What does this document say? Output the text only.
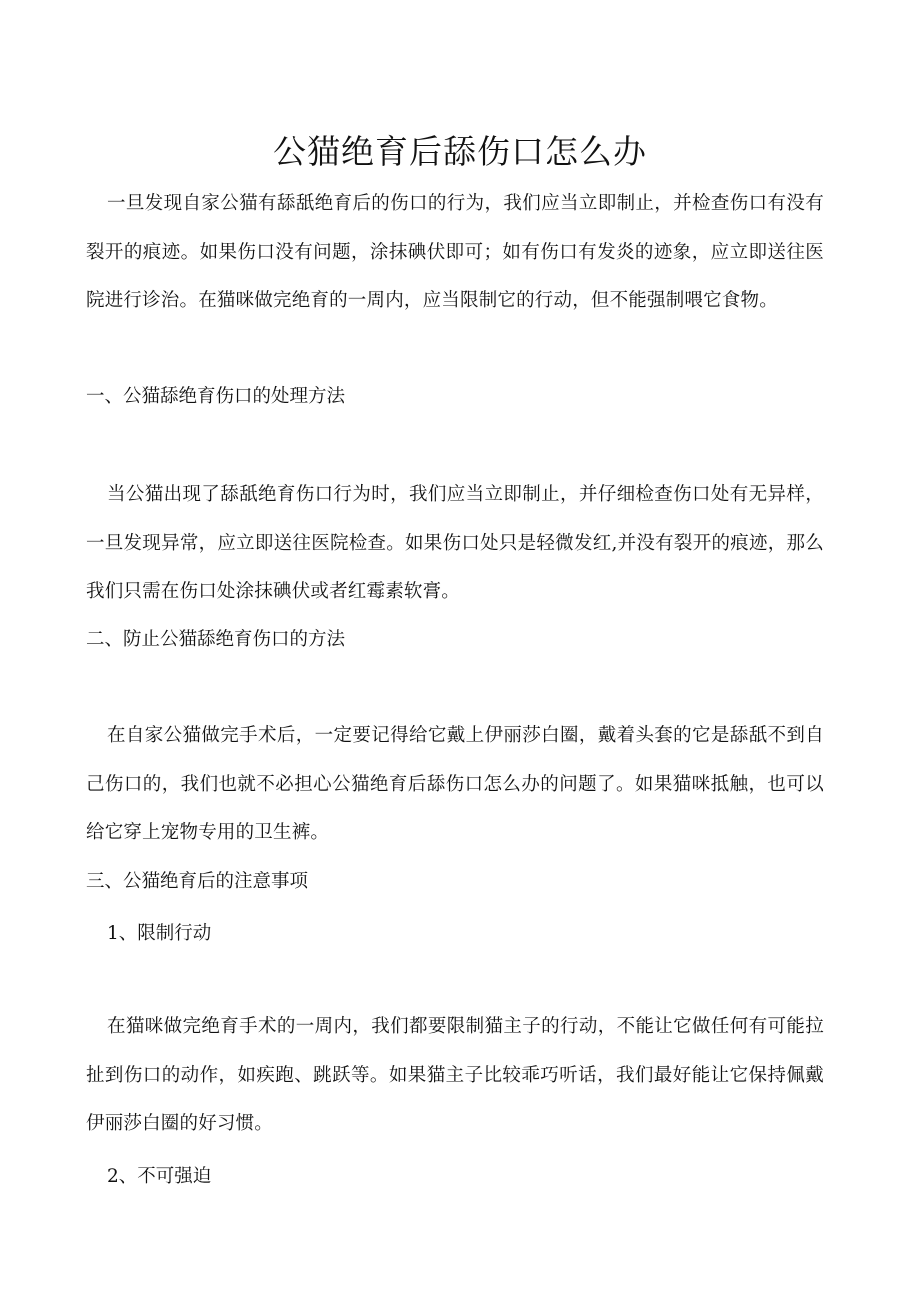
公猫绝育后舔伤口怎么办
一旦发现自家公猫有舔舐绝育后的伤口的行为，我们应当立即制止，并检查伤口有没有裂开的痕迹。如果伤口没有问题，涂抹碘伏即可；如有伤口有发炎的迹象，应立即送往医院进行诊治。在猫咪做完绝育的一周内，应当限制它的行动，但不能强制喂它食物。
一、公猫舔绝育伤口的处理方法
当公猫出现了舔舐绝育伤口行为时，我们应当立即制止，并仔细检查伤口处有无异样，一旦发现异常，应立即送往医院检查。如果伤口处只是轻微发红,并没有裂开的痕迹，那么我们只需在伤口处涂抹碘伏或者红霉素软膏。
二、防止公猫舔绝育伤口的方法
在自家公猫做完手术后，一定要记得给它戴上伊丽莎白圈，戴着头套的它是舔舐不到自己伤口的，我们也就不必担心公猫绝育后舔伤口怎么办的问题了。如果猫咪抵触，也可以给它穿上宠物专用的卫生裤。
三、公猫绝育后的注意事项
1、限制行动
在猫咪做完绝育手术的一周内，我们都要限制猫主子的行动，不能让它做任何有可能拉扯到伤口的动作，如疾跑、跳跃等。如果猫主子比较乖巧听话，我们最好能让它保持佩戴伊丽莎白圈的好习惯。
2、不可强迫
